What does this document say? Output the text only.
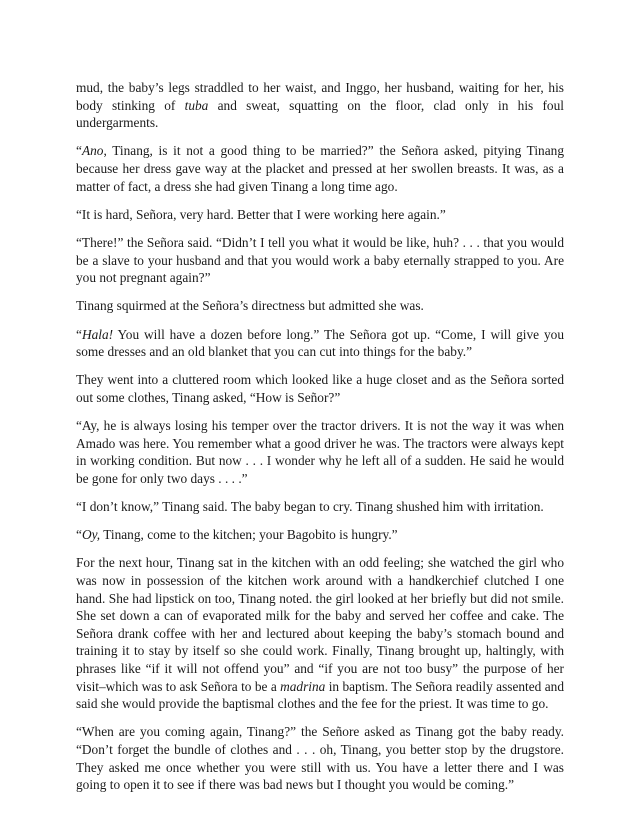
mud, the baby’s legs straddled to her waist, and Inggo, her husband, waiting for her, his body stinking of tuba and sweat, squatting on the floor, clad only in his foul undergarments.

“Ano, Tinang, is it not a good thing to be married?” the Señora asked, pitying Tinang because her dress gave way at the placket and pressed at her swollen breasts. It was, as a matter of fact, a dress she had given Tinang a long time ago.

“It is hard, Señora, very hard. Better that I were working here again.”

“There!” the Señora said. “Didn’t I tell you what it would be like, huh? . . . that you would be a slave to your husband and that you would work a baby eternally strapped to you. Are you not pregnant again?”

Tinang squirmed at the Señora’s directness but admitted she was.

“Hala! You will have a dozen before long.” The Señora got up. “Come, I will give you some dresses and an old blanket that you can cut into things for the baby.”

They went into a cluttered room which looked like a huge closet and as the Señora sorted out some clothes, Tinang asked, “How is Señor?”

“Ay, he is always losing his temper over the tractor drivers. It is not the way it was when Amado was here. You remember what a good driver he was. The tractors were always kept in working condition. But now . . . I wonder why he left all of a sudden. He said he would be gone for only two days . . . .”

“I don’t know,” Tinang said. The baby began to cry. Tinang shushed him with irritation.

“Oy, Tinang, come to the kitchen; your Bagobito is hungry.”

For the next hour, Tinang sat in the kitchen with an odd feeling; she watched the girl who was now in possession of the kitchen work around with a handkerchief clutched I one hand. She had lipstick on too, Tinang noted. the girl looked at her briefly but did not smile. She set down a can of evaporated milk for the baby and served her coffee and cake. The Señora drank coffee with her and lectured about keeping the baby’s stomach bound and training it to stay by itself so she could work. Finally, Tinang brought up, haltingly, with phrases like “if it will not offend you” and “if you are not too busy” the purpose of her visit–which was to ask Señora to be a madrina in baptism. The Señora readily assented and said she would provide the baptismal clothes and the fee for the priest. It was time to go.

“When are you coming again, Tinang?” the Señore asked as Tinang got the baby ready. “Don’t forget the bundle of clothes and . . . oh, Tinang, you better stop by the drugstore. They asked me once whether you were still with us. You have a letter there and I was going to open it to see if there was bad news but I thought you would be coming.”
